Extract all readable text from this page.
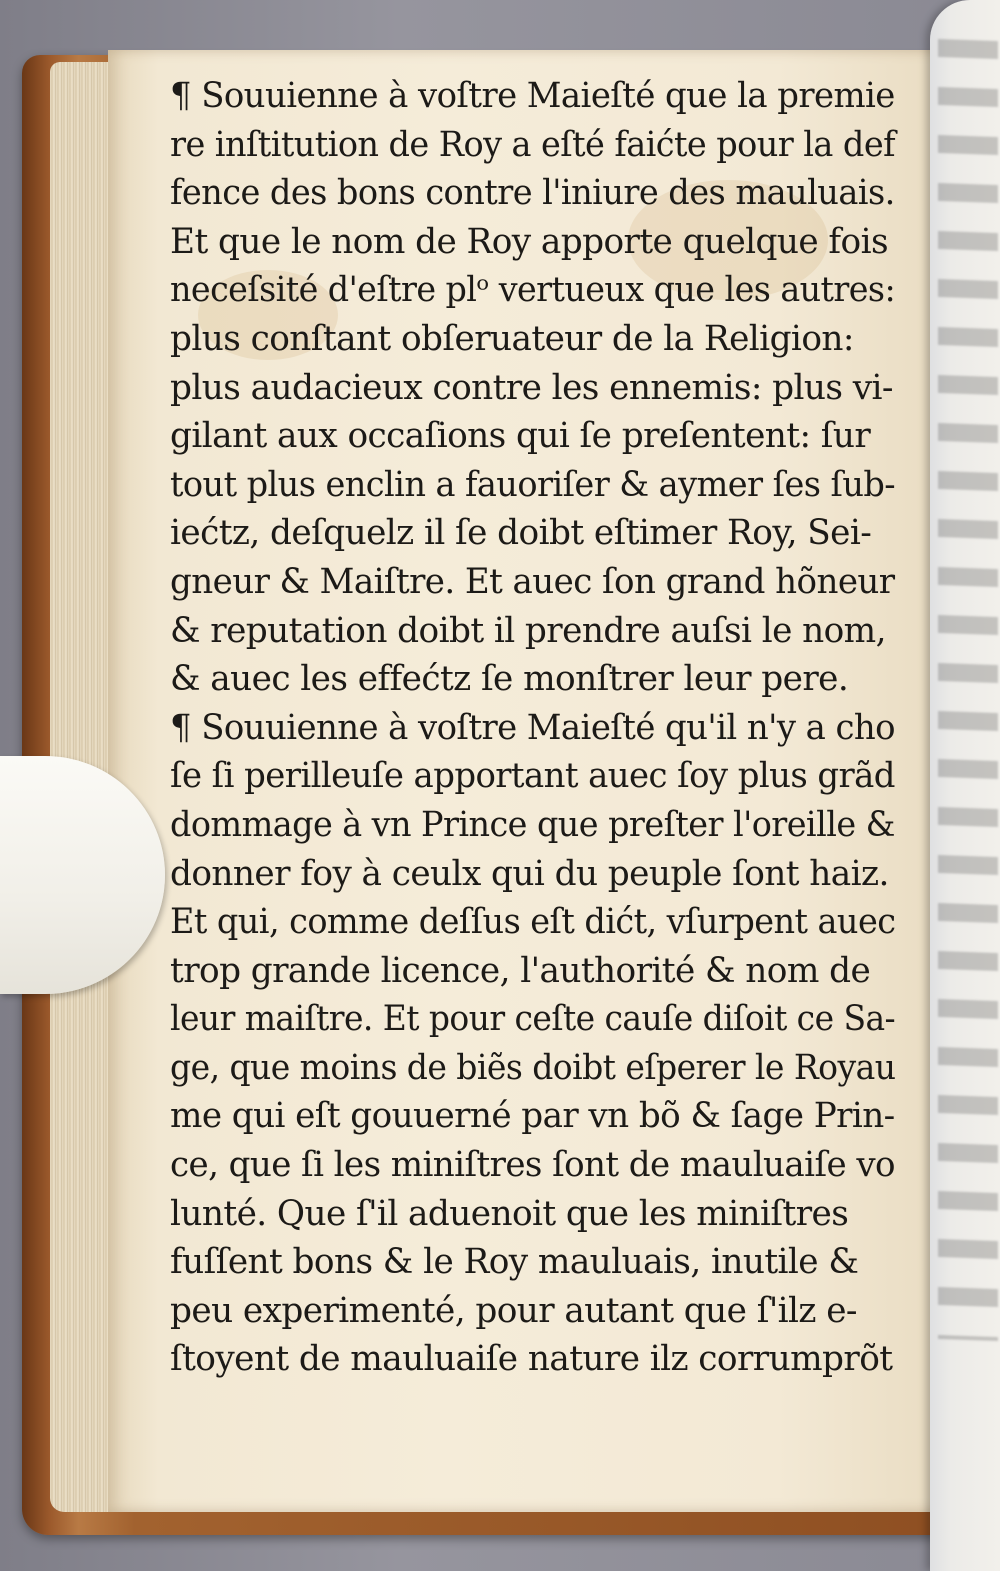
¶ Souuienne à voſtre Maieſté que la premie
re inſtitution de Roy a eſté faićte pour la def
fence des bons contre l'iniure des mauluais.
Et que le nom de Roy apporte quelque fois
neceſsité d'eſtre plᵒ vertueux que les autres:
plus conſtant obſeruateur de la Religion:
plus audacieux contre les ennemis: plus vi-
gilant aux occaſions qui ſe preſentent: ſur
tout plus enclin a fauoriſer & aymer ſes ſub-
iećtz, deſquelz il ſe doibt eſtimer Roy, Sei-
gneur & Maiſtre. Et auec ſon grand hõneur
& reputation doibt il prendre auſsi le nom,
& auec les effećtz ſe monſtrer leur pere.
¶ Souuienne à voſtre Maieſté qu'il n'y a cho
ſe ſi perilleuſe apportant auec ſoy plus grãd
dommage à vn Prince que preſter l'oreille &
donner foy à ceulx qui du peuple ſont haiz.
Et qui, comme deſſus eſt dićt, vſurpent auec
trop grande licence, l'authorité & nom de
leur maiſtre. Et pour ceſte cauſe diſoit ce Sa-
ge, que moins de biẽs doibt eſperer le Royau
me qui eſt gouuerné par vn bõ & ſage Prin-
ce, que ſi les miniſtres ſont de mauluaiſe vo
lunté. Que ſ'il aduenoit que les miniſtres
fuſſent bons & le Roy mauluais, inutile &
peu experimenté, pour autant que ſ'ilz e-
ſtoyent de mauluaiſe nature ilz corrumprõt
